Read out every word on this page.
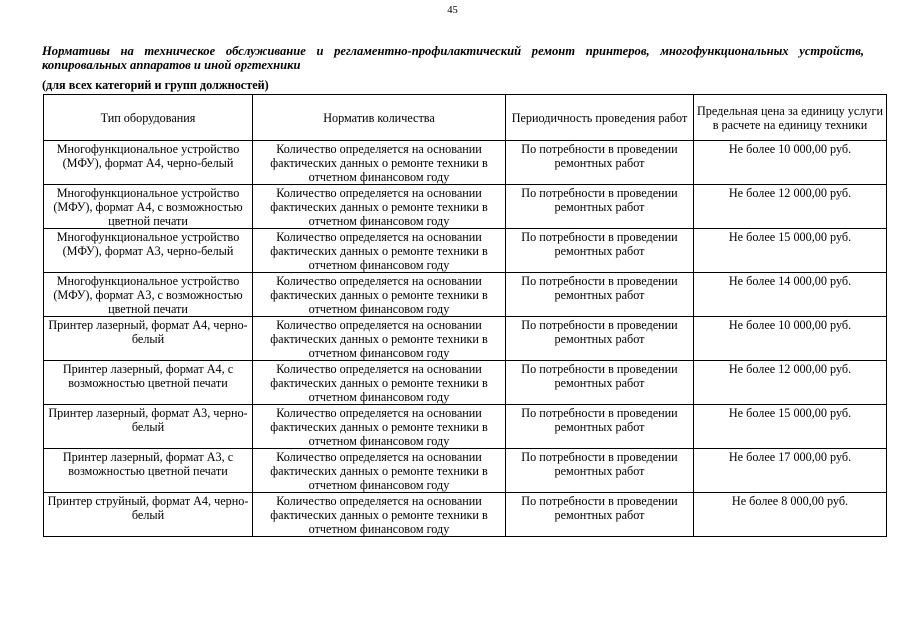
45
Нормативы на техническое обслуживание и регламентно-профилактический ремонт принтеров, многофункциональных устройств, копировальных аппаратов и иной оргтехники
(для всех категорий и групп должностей)
Тип оборудования	Норматив количества	Периодичность проведения работ	Предельная цена за единицу услуги в расчете на единицу техники
Многофункциональное устройство (МФУ), формат А4, черно-белый	Количество определяется на основании фактических данных о ремонте техники в отчетном финансовом году	По потребности в проведении ремонтных работ	Не более 10 000,00 руб.
Многофункциональное устройство (МФУ), формат А4, с возможностью цветной печати	Количество определяется на основании фактических данных о ремонте техники в отчетном финансовом году	По потребности в проведении ремонтных работ	Не более 12 000,00 руб.
Многофункциональное устройство (МФУ), формат А3, черно-белый	Количество определяется на основании фактических данных о ремонте техники в отчетном финансовом году	По потребности в проведении ремонтных работ	Не более 15 000,00 руб.
Многофункциональное устройство (МФУ), формат А3, с возможностью цветной печати	Количество определяется на основании фактических данных о ремонте техники в отчетном финансовом году	По потребности в проведении ремонтных работ	Не более 14 000,00 руб.
Принтер лазерный, формат А4, черно-белый	Количество определяется на основании фактических данных о ремонте техники в отчетном финансовом году	По потребности в проведении ремонтных работ	Не более 10 000,00 руб.
Принтер лазерный, формат А4, с возможностью цветной печати	Количество определяется на основании фактических данных о ремонте техники в отчетном финансовом году	По потребности в проведении ремонтных работ	Не более 12 000,00 руб.
Принтер лазерный, формат А3, черно-белый	Количество определяется на основании фактических данных о ремонте техники в отчетном финансовом году	По потребности в проведении ремонтных работ	Не более 15 000,00 руб.
Принтер лазерный, формат А3, с возможностью цветной печати	Количество определяется на основании фактических данных о ремонте техники в отчетном финансовом году	По потребности в проведении ремонтных работ	Не более 17 000,00 руб.
Принтер струйный, формат А4, черно-белый	Количество определяется на основании фактических данных о ремонте техники в отчетном финансовом году	По потребности в проведении ремонтных работ	Не более 8 000,00 руб.
